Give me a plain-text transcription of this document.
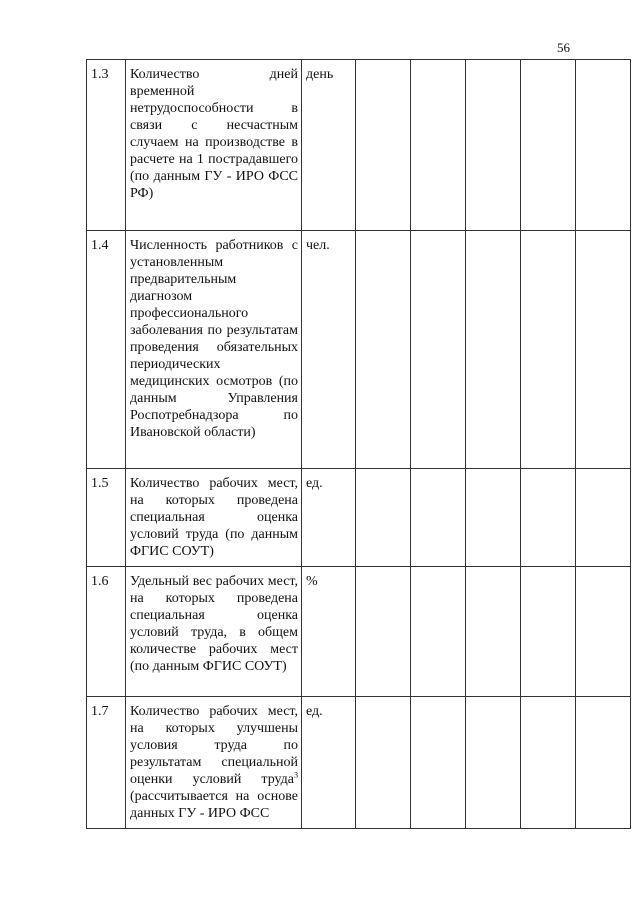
56
1.3	Количество дней временной нетрудоспособности в связи с несчастным случаем на производстве в расчете на 1 пострадавшего (по данным ГУ - ИРО ФСС РФ)	день					
1.4	Численность работников с установленным предварительным диагнозом профессионального заболевания по результатам проведения обязательных периодических медицинских осмотров (по данным Управления Роспотребнадзора по Ивановской области)	чел.					
1.5	Количество рабочих мест, на которых проведена специальная оценка условий труда (по данным ФГИС СОУТ)	ед.					
1.6	Удельный вес рабочих мест, на которых проведена специальная оценка условий труда, в общем количестве рабочих мест (по данным ФГИС СОУТ)	%					
1.7	Количество рабочих мест, на которых улучшены условия труда по результатам специальной оценки условий труда$^3$ (рассчитывается на основе данных ГУ - ИРО ФСС	ед.					
